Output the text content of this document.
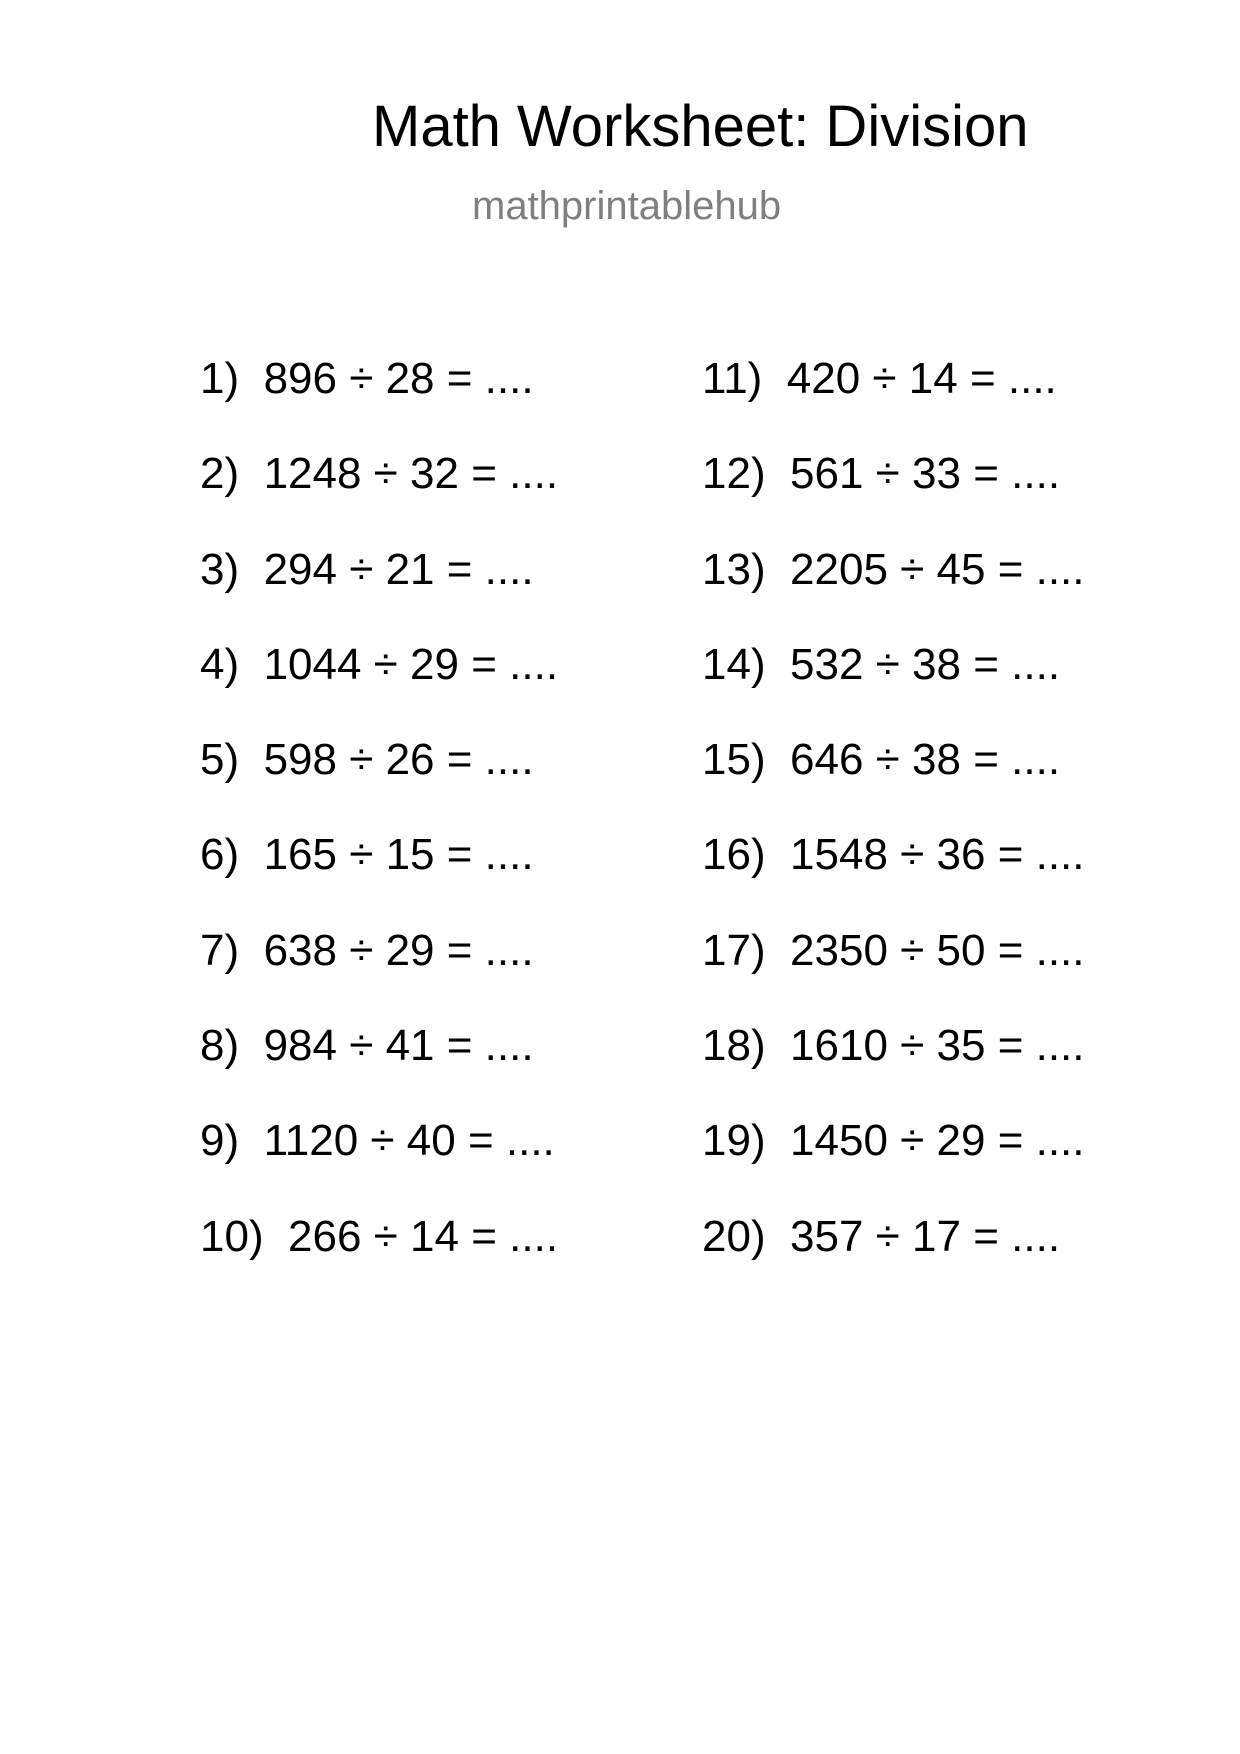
Math Worksheet: Division
mathprintablehub
1)  896 ÷ 28 = ....
2)  1248 ÷ 32 = ....
3)  294 ÷ 21 = ....
4)  1044 ÷ 29 = ....
5)  598 ÷ 26 = ....
6)  165 ÷ 15 = ....
7)  638 ÷ 29 = ....
8)  984 ÷ 41 = ....
9)  1120 ÷ 40 = ....
10)  266 ÷ 14 = ....
11)  420 ÷ 14 = ....
12)  561 ÷ 33 = ....
13)  2205 ÷ 45 = ....
14)  532 ÷ 38 = ....
15)  646 ÷ 38 = ....
16)  1548 ÷ 36 = ....
17)  2350 ÷ 50 = ....
18)  1610 ÷ 35 = ....
19)  1450 ÷ 29 = ....
20)  357 ÷ 17 = ....
